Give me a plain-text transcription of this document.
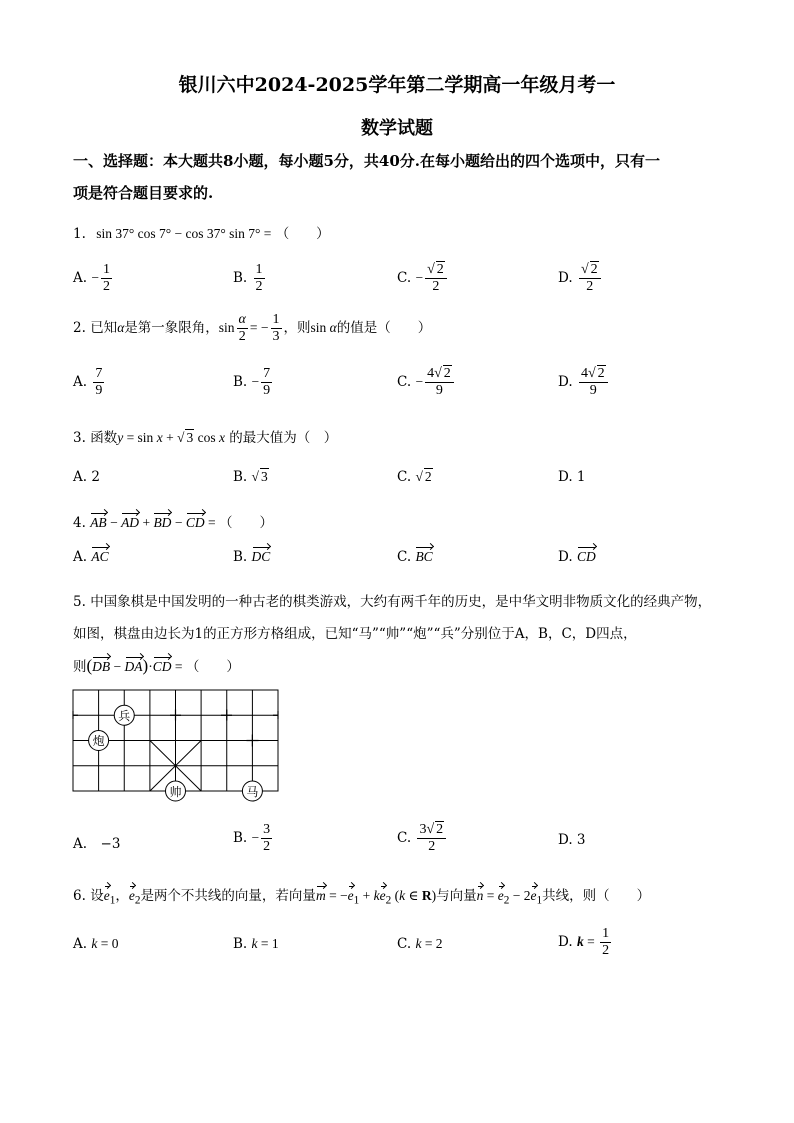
银川六中2024-2025学年第二学期高一年级月考一
数学试题
一、选择题：本大题共8小题，每小题5分，共40分.在每小题给出的四个选项中，只有一
项是符合题目要求的.
1. sin 37° cos 7° − cos 37° sin 7° = （　　）
A. − $\frac{1}{2}$	B. $\frac{1}{2}$	C. − $\frac{√ 2}{2}$	D. $\frac{√ 2}{2}$
2. 已知α是第一象限角，$\sin \frac{\alpha}{2}$ = − $\frac{1}{3}$ ，则sin α的值是（　　）
A. $\frac{7}{9}$	B. − $\frac{7}{9}$	C. − $\frac{4√ 2}{9}$	D. $\frac{4√ 2}{9}$
3. 函数y = sin x + √ 3 cos x 的最大值为（　）
A. 2	B. √ 3	C. √ 2	D. 1
4. AB − AD + BD − CD = （　　）
A. AC	B. DC	C. BC	D. CD
5. 中国象棋是中国发明的一种古老的棋类游戏，大约有两千年的历史，是中华文明非物质文化的经典产物，
如图，棋盘由边长为1的正方形方格组成，已知“马”“帅”“炮”“兵”分别位于A，B，C，D四点，
则(DB − DA)·CD = （　　）
兵
炮
帅	马
A.　−3	B. − $\frac{3}{2}$	C. $\frac{3√ 2}{2}$	D. 3
6. 设$e_1$，$e_2$是两个不共线的向量，若向量$m = -e_1 + ke_2$ (k ∈ R)与向量$n = e_2 - 2e_1$共线，则（　　）
A. k = 0	B. k = 1	C. k = 2	D. $k = \frac{1}{2}$
